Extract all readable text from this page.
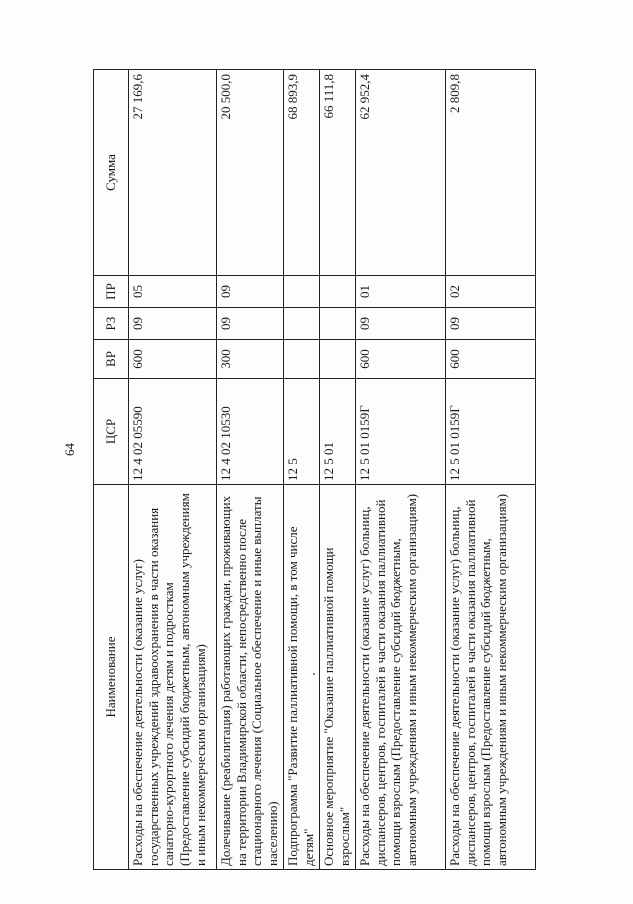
64
Наименование	ЦСР	ВР	РЗ	ПР	Сумма
Расходы на обеспечение деятельности (оказание услуг) государственных учреждений здравоохранения в части оказания санаторно-курортного лечения детям и подросткам (Предоставление субсидий бюджетным, автономным учреждениям и иным некоммерческим организациям)	12 4 02 05590	600	09	05	27 169,6
Долечивание (реабилитация) работающих граждан, проживающих на территории Владимирской области, непосредственно после стационарного лечения (Социальное обеспечение и иные выплаты населению)	12 4 02 10530	300	09	09	20 500,0
Подпрограмма "Развитие паллиативной помощи, в том числе детям"	12 5				68 893,9
Основное мероприятие "Оказание паллиативной помощи взрослым"	12 5 01				66 111,8
Расходы на обеспечение деятельности (оказание услуг) больниц, диспансеров, центров, госпиталей в части оказания паллиативной помощи взрослым (Предоставление субсидий бюджетным, автономным учреждениям и иным некоммерческим организациям)	12 5 01 0159Г	600	09	01	62 952,4
Расходы на обеспечение деятельности (оказание услуг) больниц, диспансеров, центров, госпиталей в части оказания паллиативной помощи взрослым (Предоставление субсидий бюджетным, автономным учреждениям и иным некоммерческим организациям)	12 5 01 0159Г	600	09	02	2 809,8
